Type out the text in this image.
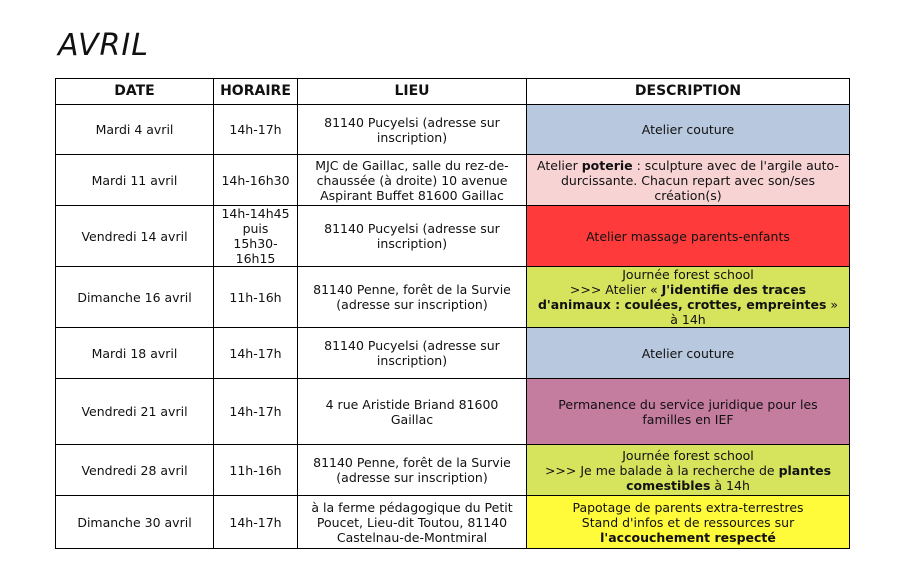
AVRIL
DATE	HORAIRE	LIEU	DESCRIPTION
Mardi 4 avril	14h-17h	81140 Pucyelsi (adresse sur inscription)	Atelier couture
Mardi 11 avril	14h-16h30	MJC de Gaillac, salle du rez-de-chaussée (à droite) 10 avenue Aspirant Buffet 81600 Gaillac	Atelier poterie : sculpture avec de l'argile auto-durcissante. Chacun repart avec son/ses création(s)
Vendredi 14 avril	14h-14h45 puis 15h30-16h15	81140 Pucyelsi (adresse sur inscription)	Atelier massage parents-enfants
Dimanche 16 avril	11h-16h	81140 Penne, forêt de la Survie (adresse sur inscription)	Journée forest school
>>> Atelier « J'identifie des traces d'animaux : coulées, crottes, empreintes » à 14h

Mardi 18 avril	14h-17h	81140 Pucyelsi (adresse sur inscription)	Atelier couture
Vendredi 21 avril	14h-17h	4 rue Aristide Briand 81600 Gaillac	Permanence du service juridique pour les familles en IEF
Vendredi 28 avril	11h-16h	81140 Penne, forêt de la Survie (adresse sur inscription)	Journée forest school
>>> Je me balade à la recherche de plantes comestibles à 14h

Dimanche 30 avril	14h-17h	à la ferme pédagogique du Petit Poucet, Lieu-dit Toutou, 81140 Castelnau-de-Montmiral	Papotage de parents extra-terrestres
Stand d'infos et de ressources sur l'accouchement respecté
